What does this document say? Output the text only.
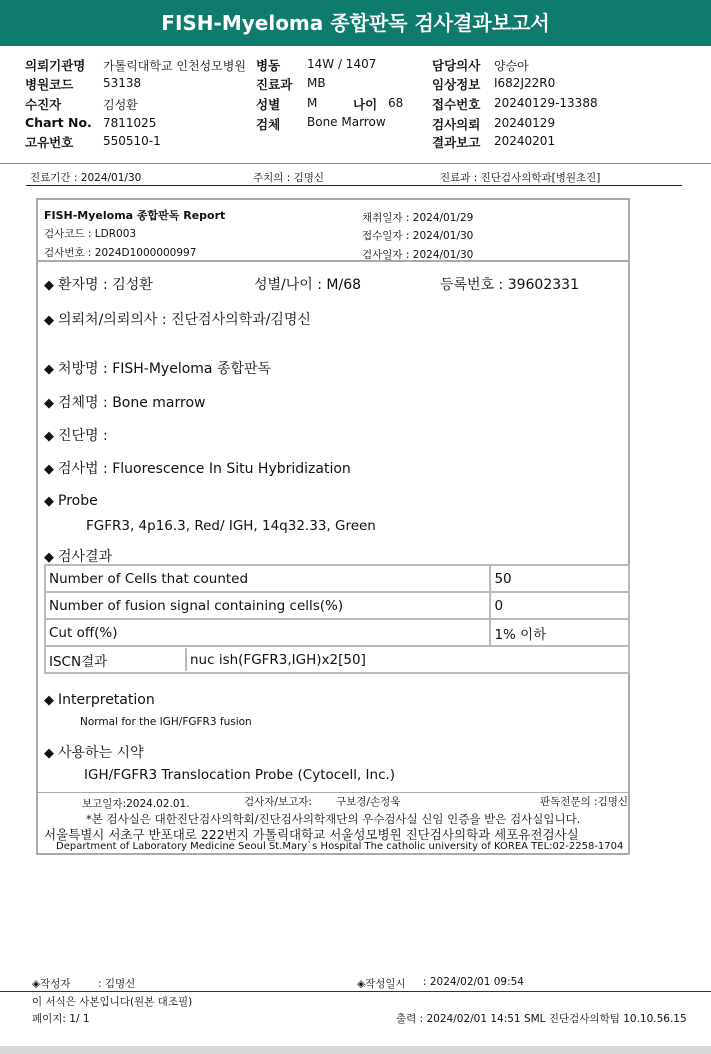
FISH-Myeloma 종합판독 검사결과보고서
의뢰기관명 가톨릭대학교 인천성모병원 병동 14W / 1407	담당의사 양승아
병원코드 53138	진료과 MB	임상정보 I682J22R0
수진자	김성환	성별 M	나이 68 접수번호 20240129-13388
Chart No. 7811025	검체 Bone Marrow	검사의뢰 20240129
고유번호 550510-1	결과보고 20240201
진료기간 : 2024/01/30	주치의 : 김명신	진료과 : 진단검사의학과[병원초진]
FISH-Myeloma 종합판독 Report
검사코드 : LDR003
검사번호 : 2024D1000000997
채취일자 : 2024/01/29
접수일자 : 2024/01/30
검사일자 : 2024/01/30
◆ 환자명 : 김성환	성별/나이 : M/68	등록번호 : 39602331
◆ 의뢰처/의뢰의사 : 진단검사의학과/김명신
◆ 처방명 : FISH-Myeloma 종합판독
◆ 검체명 : Bone marrow
◆ 진단명 :
◆ 검사법 : Fluorescence In Situ Hybridization
◆ Probe
FGFR3, 4p16.3, Red/ IGH, 14q32.33, Green
◆ 검사결과
Number of Cells that counted	50
Number of fusion signal containing cells(%)	0
Cut off(%)	1% 이하

ISCN결과 nuc ish(FGFR3,IGH)x2[50]	
◆ Interpretation
Normal for the IGH/FGFR3 fusion
◆ 사용하는 시약
IGH/FGFR3 Translocation Probe (Cytocell, Inc.)
보고일자:2024.02.01.	검사자/보고자: 구보경/손정욱	판독전문의 :김명신
*본 검사실은 대한진단검사의학회/진단검사의학재단의 우수검사실 신임 인증을 받은 검사실입니다.
서울특별시 서초구 반포대로 222번지 가톨릭대학교 서울성모병원 진단검사의학과 세포유전검사실
Department of Laboratory Medicine Seoul St.Mary`s Hospital The catholic university of KOREA TEL:02-2258-1704
◈작성자	: 김명신	◈작성일시 : 2024/02/01 09:54
이 서식은 사본입니다(원본 대조필)
페이지: 1/ 1	출력 : 2024/02/01 14:51 SML 진단검사의학팀 10.10.56.15
